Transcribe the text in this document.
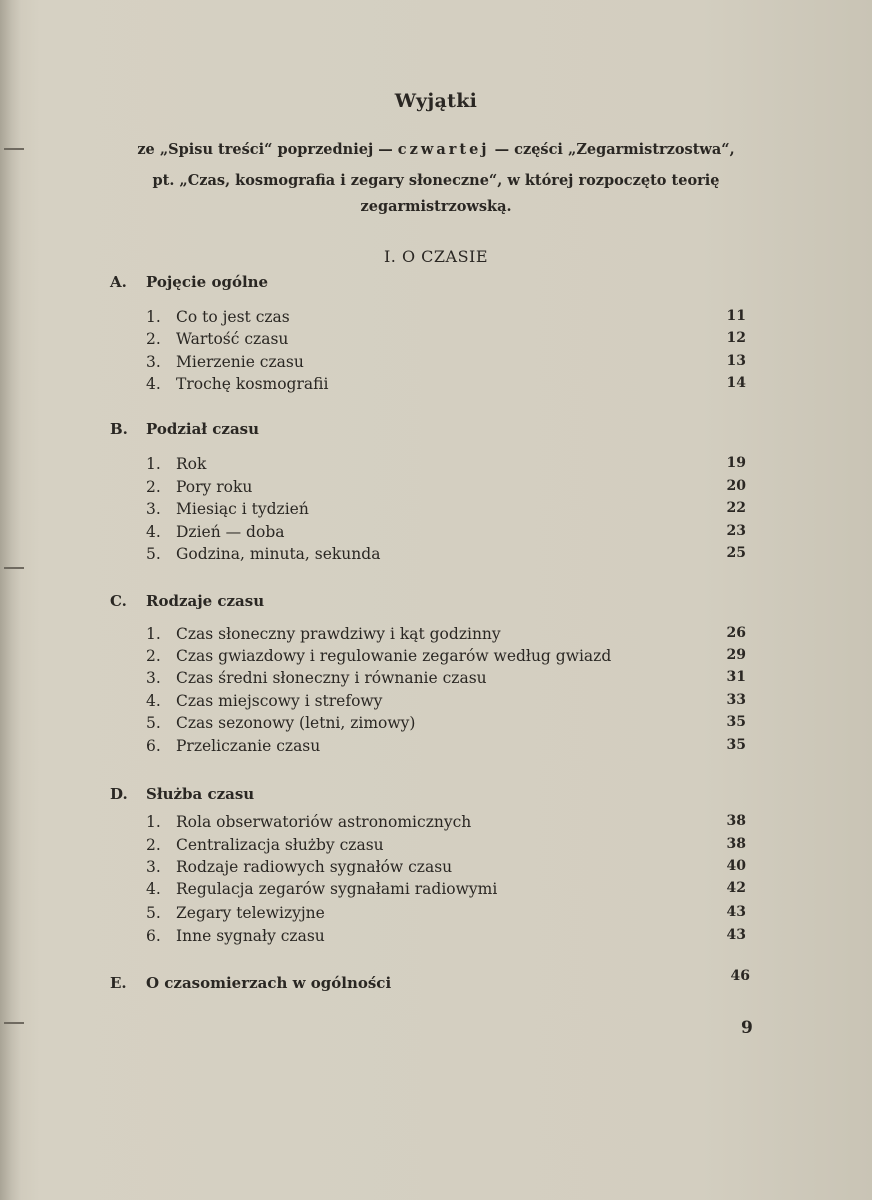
Wyjątki
ze „Spisu treści“ poprzedniej — czwartej — części „Zegarmistrzostwa“,
pt. „Czas, kosmografia i zegary słoneczne“, w której rozpoczęto teorię
zegarmistrzowską.
I. O CZASIE
A. Pojęcie ogólne
1. Co to jest czas	11
2. Wartość czasu	12
3. Mierzenie czasu	13
4. Trochę kosmografii	14
B. Podział czasu
1. Rok	19
2. Pory roku	20
3. Miesiąc i tydzień	22
4. Dzień — doba	23
5. Godzina, minuta, sekunda	25
C. Rodzaje czasu
1. Czas słoneczny prawdziwy i kąt godzinny	26
2. Czas gwiazdowy i regulowanie zegarów według gwiazd	29
3. Czas średni słoneczny i równanie czasu	31
4. Czas miejscowy i strefowy	33
5. Czas sezonowy (letni, zimowy)	35
6. Przeliczanie czasu	35
D. Służba czasu
1. Rola obserwatoriów astronomicznych	38
2. Centralizacja służby czasu	38
3. Rodzaje radiowych sygnałów czasu	40
4. Regulacja zegarów sygnałami radiowymi	42
5. Zegary telewizyjne	43
6. Inne sygnały czasu	43
E. O czasomierzach w ogólności	46
9
